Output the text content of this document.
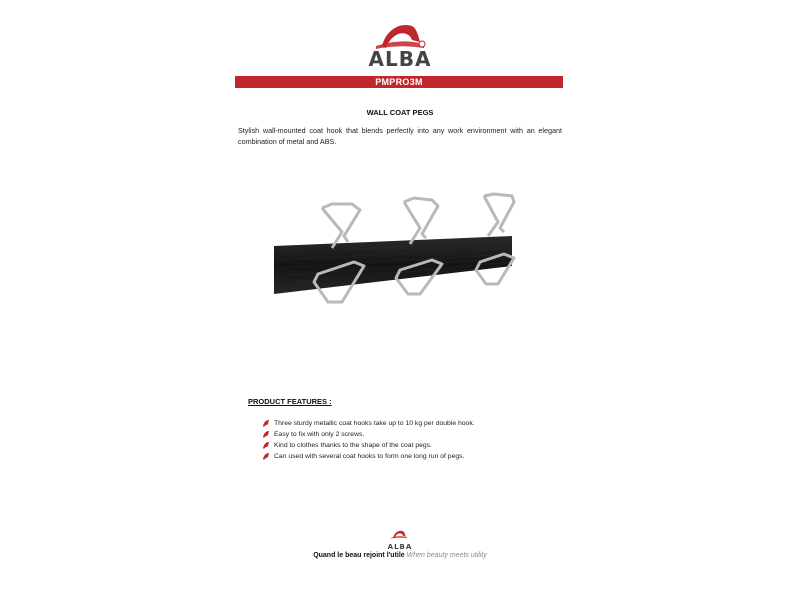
ALBA
PMPRO3M
WALL COAT PEGS
Stylish wall-mounted coat hook that blends perfectly into any work environment with an elegant combination of metal and ABS.
PRODUCT FEATURES :
Three sturdy metallic coat hooks take up to 10 kg per double hook.
Easy to fix with only 2 screws.
Kind to clothes thanks to the shape of the coat pegs.
Can used with several coat hooks to form one long run of pegs.
ALBA
Quand le beau rejoint l'utile When beauty meets utility
